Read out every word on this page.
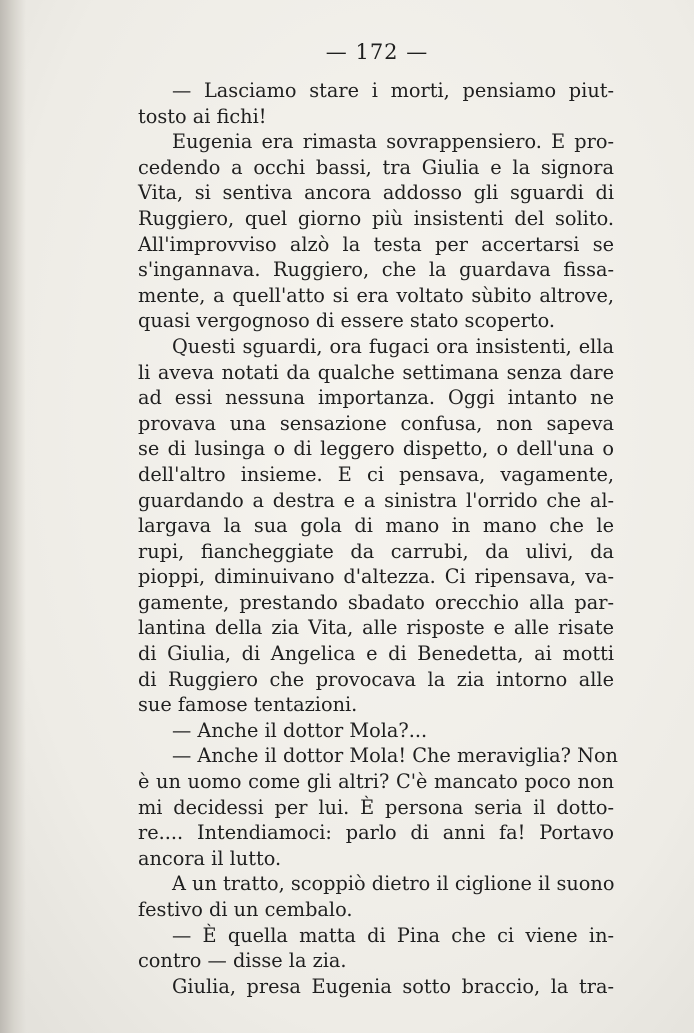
— 172 —
— Lasciamo stare i morti, pensiamo piut-
tosto ai fichi!
Eugenia era rimasta sovrappensiero. E pro-
cedendo a occhi bassi, tra Giulia e la signora
Vita, si sentiva ancora addosso gli sguardi di
Ruggiero, quel giorno più insistenti del solito.
All'improvviso alzò la testa per accertarsi se
s'ingannava. Ruggiero, che la guardava fissa-
mente, a quell'atto si era voltato sùbito altrove,
quasi vergognoso di essere stato scoperto.
Questi sguardi, ora fugaci ora insistenti, ella
li aveva notati da qualche settimana senza dare
ad essi nessuna importanza. Oggi intanto ne
provava una sensazione confusa, non sapeva
se di lusinga o di leggero dispetto, o dell'una o
dell'altro insieme. E ci pensava, vagamente,
guardando a destra e a sinistra l'orrido che al-
largava la sua gola di mano in mano che le
rupi, fiancheggiate da carrubi, da ulivi, da
pioppi, diminuivano d'altezza. Ci ripensava, va-
gamente, prestando sbadato orecchio alla par-
lantina della zia Vita, alle risposte e alle risate
di Giulia, di Angelica e di Benedetta, ai motti
di Ruggiero che provocava la zia intorno alle
sue famose tentazioni.
— Anche il dottor Mola?...
— Anche il dottor Mola! Che meraviglia? Non
è un uomo come gli altri? C'è mancato poco non
mi decidessi per lui. È persona seria il dotto-
re.... Intendiamoci: parlo di anni fa! Portavo
ancora il lutto.
A un tratto, scoppiò dietro il ciglione il suono
festivo di un cembalo.
— È quella matta di Pina che ci viene in-
contro — disse la zia.
Giulia, presa Eugenia sotto braccio, la tra-
